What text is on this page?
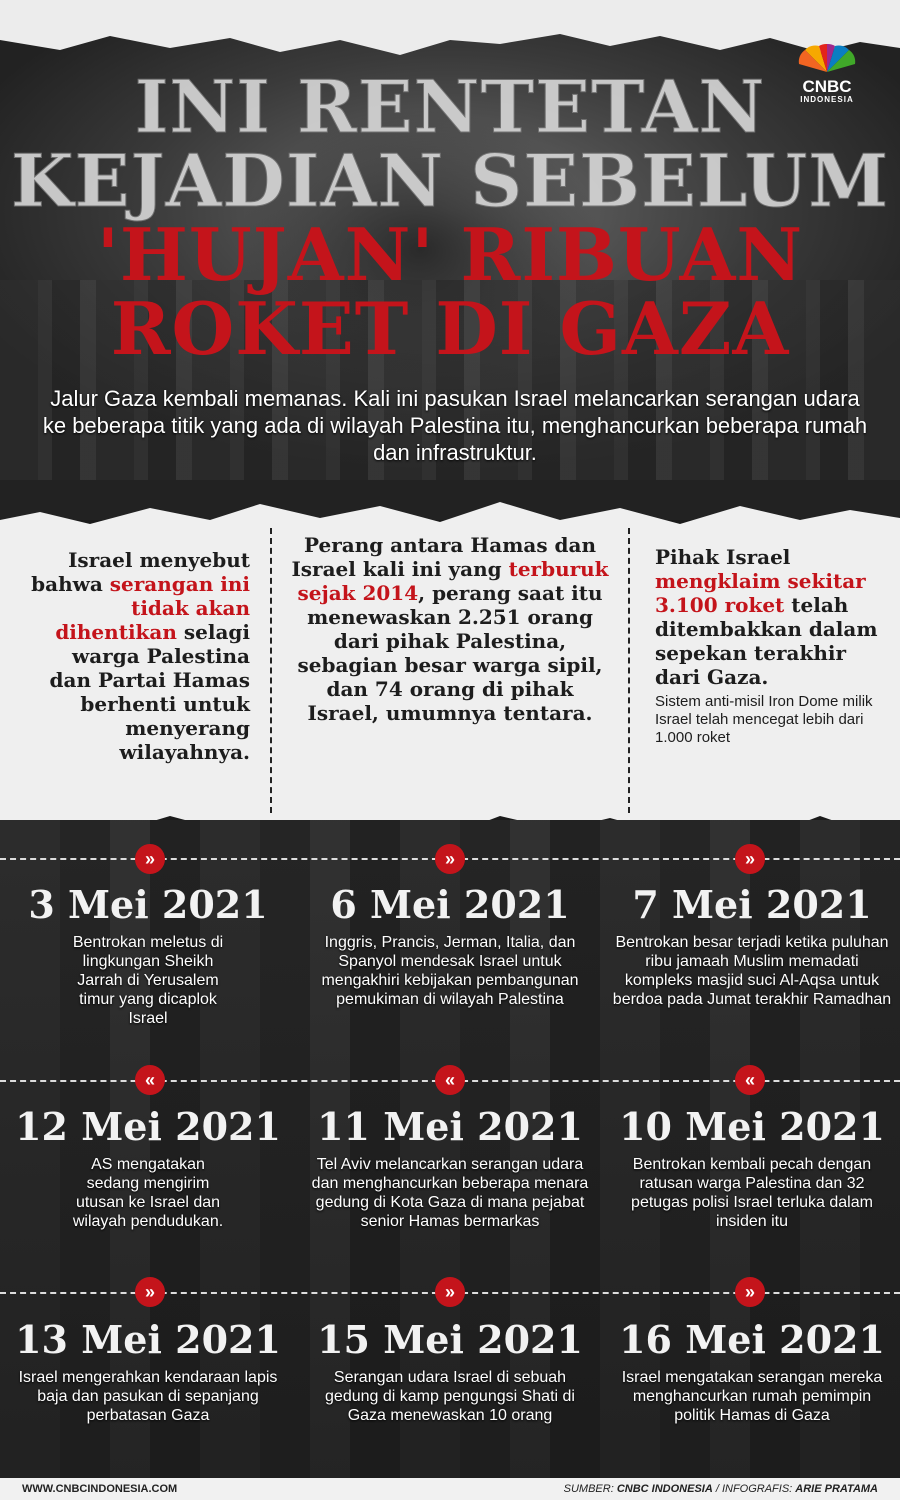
CNBC
INDONESIA
INI RENTETAN
KEJADIAN SEBELUM
'HUJAN' RIBUAN
ROKET DI GAZA
Jalur Gaza kembali memanas. Kali ini pasukan Israel melancarkan serangan udara ke beberapa titik yang ada di wilayah Palestina itu, menghancurkan beberapa rumah dan infrastruktur.
Israel menyebut bahwa serangan ini tidak akan dihentikan selagi warga Palestina dan Partai Hamas berhenti untuk menyerang wilayahnya.
Perang antara Hamas dan Israel kali ini yang terburuk sejak 2014, perang saat itu menewaskan 2.251 orang dari pihak Palestina, sebagian besar warga sipil, dan 74 orang di pihak Israel, umumnya tentara.
Pihak Israel mengklaim sekitar 3.100 roket telah ditembakkan dalam sepekan terakhir dari Gaza.
Sistem anti-misil Iron Dome milik Israel telah mencegat lebih dari 1.000 roket
»	»	»
«	«	«
»	»	»
3 Mei 2021
Bentrokan meletus di lingkungan Sheikh Jarrah di Yerusalem timur yang dicaplok Israel
6 Mei 2021
Inggris, Prancis, Jerman, Italia, dan Spanyol mendesak Israel untuk mengakhiri kebijakan pembangunan pemukiman di wilayah Palestina
7 Mei 2021
Bentrokan besar terjadi ketika puluhan ribu jamaah Muslim memadati kompleks masjid suci Al-Aqsa untuk berdoa pada Jumat terakhir Ramadhan
12 Mei 2021
AS mengatakan sedang mengirim utusan ke Israel dan wilayah pendudukan.
11 Mei 2021
Tel Aviv melancarkan serangan udara dan menghancurkan beberapa menara gedung di Kota Gaza di mana pejabat senior Hamas bermarkas
10 Mei 2021
Bentrokan kembali pecah dengan ratusan warga Palestina dan 32 petugas polisi Israel terluka dalam insiden itu
13 Mei 2021
Israel mengerahkan kendaraan lapis baja dan pasukan di sepanjang perbatasan Gaza
15 Mei 2021
Serangan udara Israel di sebuah gedung di kamp pengungsi Shati di Gaza menewaskan 10 orang
16 Mei 2021
Israel mengatakan serangan mereka menghancurkan rumah pemimpin politik Hamas di Gaza
WWW.CNBCINDONESIA.COM	SUMBER: CNBC INDONESIA / INFOGRAFIS: ARIE PRATAMA
